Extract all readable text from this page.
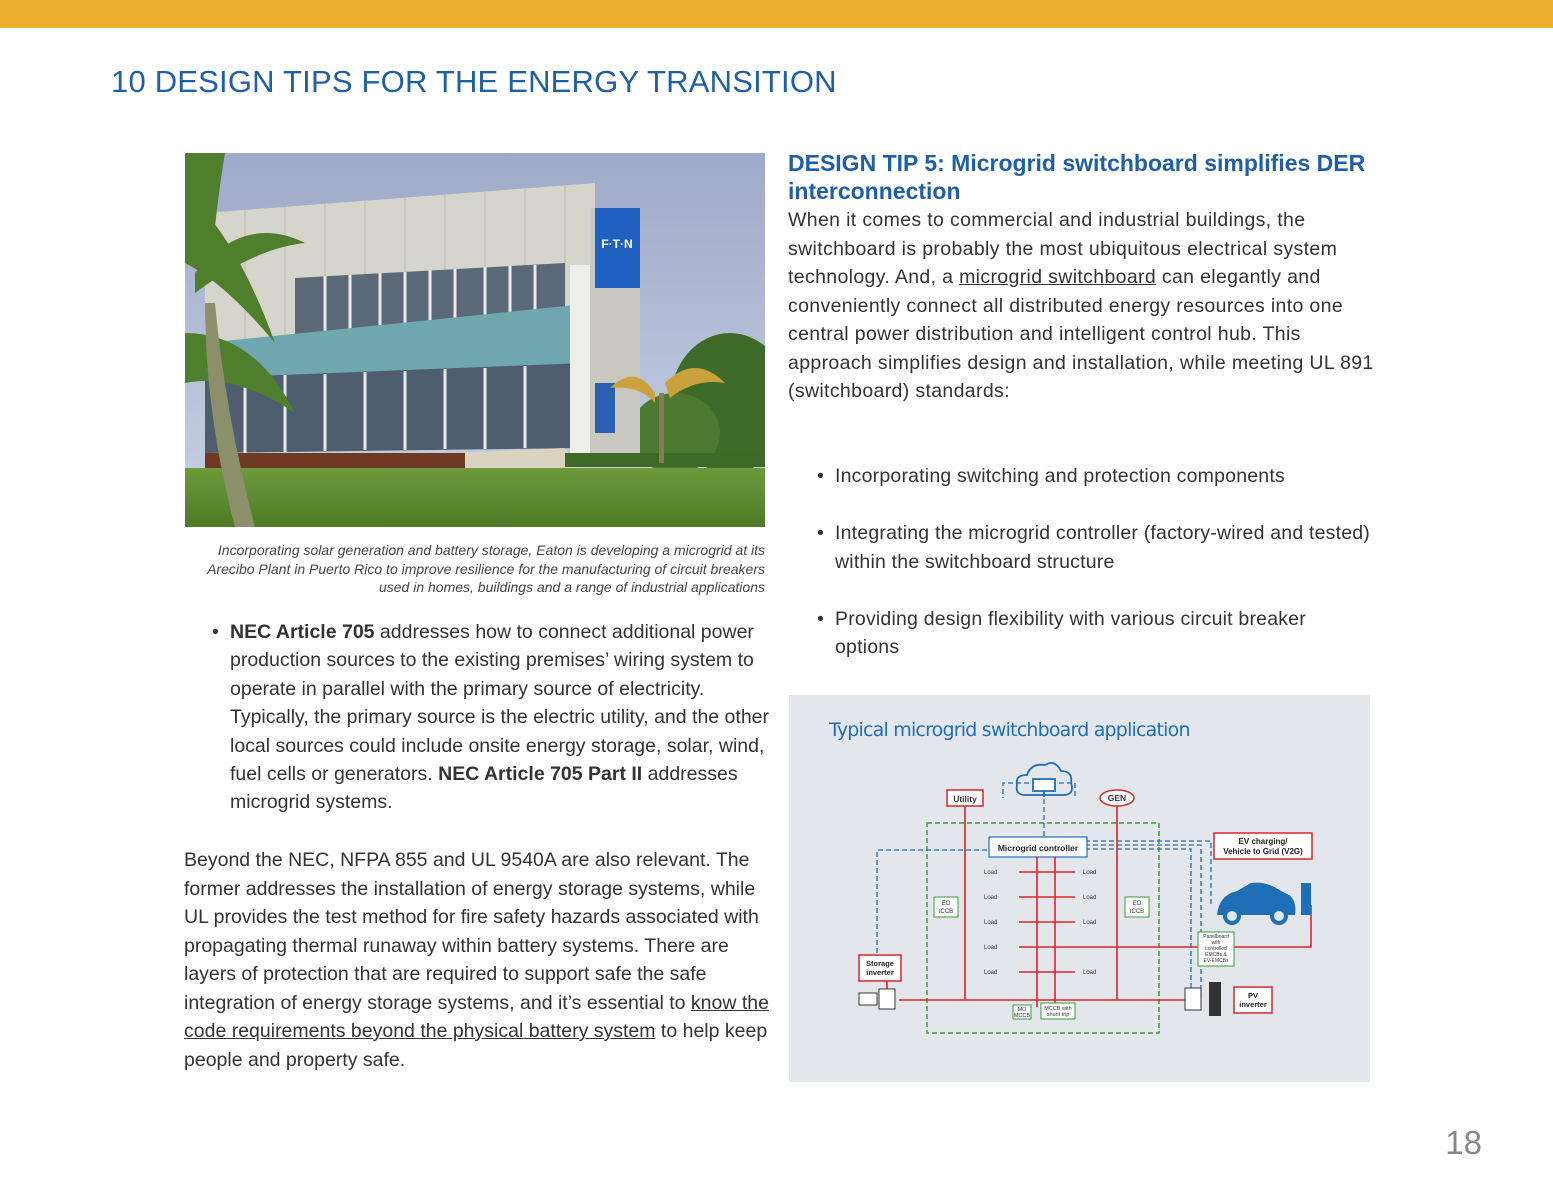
10 DESIGN TIPS FOR THE ENERGY TRANSITION
F·T·N
Incorporating solar generation and battery storage, Eaton is developing a microgrid at its Arecibo Plant in Puerto Rico to improve resilience for the manufacturing of circuit breakers used in homes, buildings and a range of industrial applications
• NEC Article 705 addresses how to connect additional power production sources to the existing premises’ wiring system to operate in parallel with the primary source of electricity. Typically, the primary source is the electric utility, and the other local sources could include onsite energy storage, solar, wind, fuel cells or generators. NEC Article 705 Part II addresses microgrid systems.

Beyond the NEC, NFPA 855 and UL 9540A are also relevant. The former addresses the installation of energy storage systems, while UL provides the test method for fire safety hazards associated with propagating thermal runaway within battery systems. There are layers of protection that are required to support safe the safe integration of energy storage systems, and it’s essential to know the code requirements beyond the physical battery system to help keep people and property safe.

DESIGN TIP 5: Microgrid switchboard simplifies DER interconnection

When it comes to commercial and industrial buildings, the switchboard is probably the most ubiquitous electrical system technology. And, a microgrid switchboard can elegantly and conveniently connect all distributed energy resources into one central power distribution and intelligent control hub. This approach simplifies design and installation, while meeting UL 891 (switchboard) standards:

• Incorporating switching and protection components
• Integrating the microgrid controller (factory-wired and tested) within the switchboard structure
• Providing design flexibility with various circuit breaker options
Typical microgrid switchboard application
Utility	GEN
Microgrid controller
EV charging/
Vehicle to Grid (V2G)
Load	Load
Load	Load
Load	Load
Load
Load	Load
EO
ICCB
EO
ICCB
Storage
inverter
MO
MCCB
MCCB with
shunt trip
Panelboard
with
controlled
EMCBs &
EV-EMCBs
PV
inverter
18
